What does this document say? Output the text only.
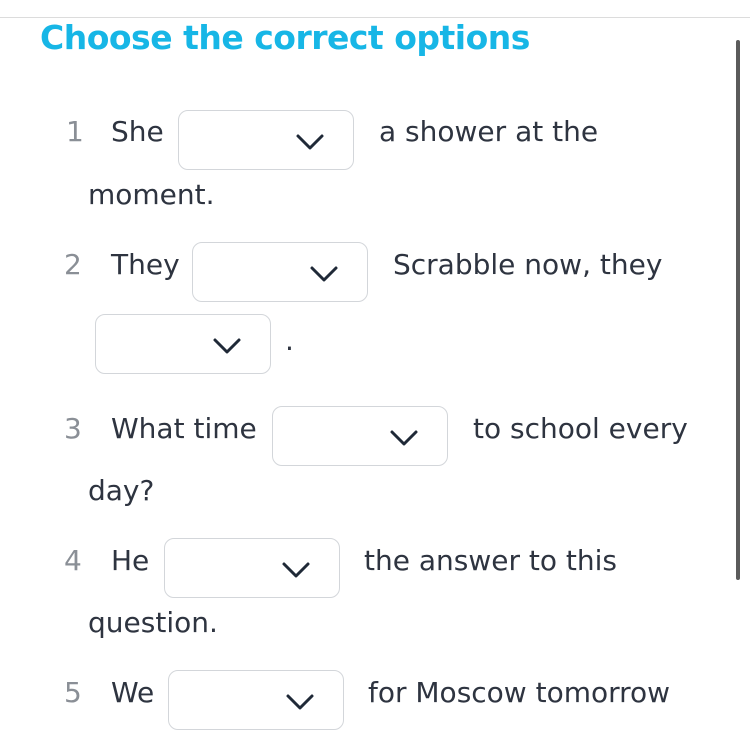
Choose the correct options
1 She	a shower at the
moment.
2 They	Scrabble now, they
.
3 What time	to school every
day?
4 He	the answer to this
question.
5 We	for Moscow tomorrow
